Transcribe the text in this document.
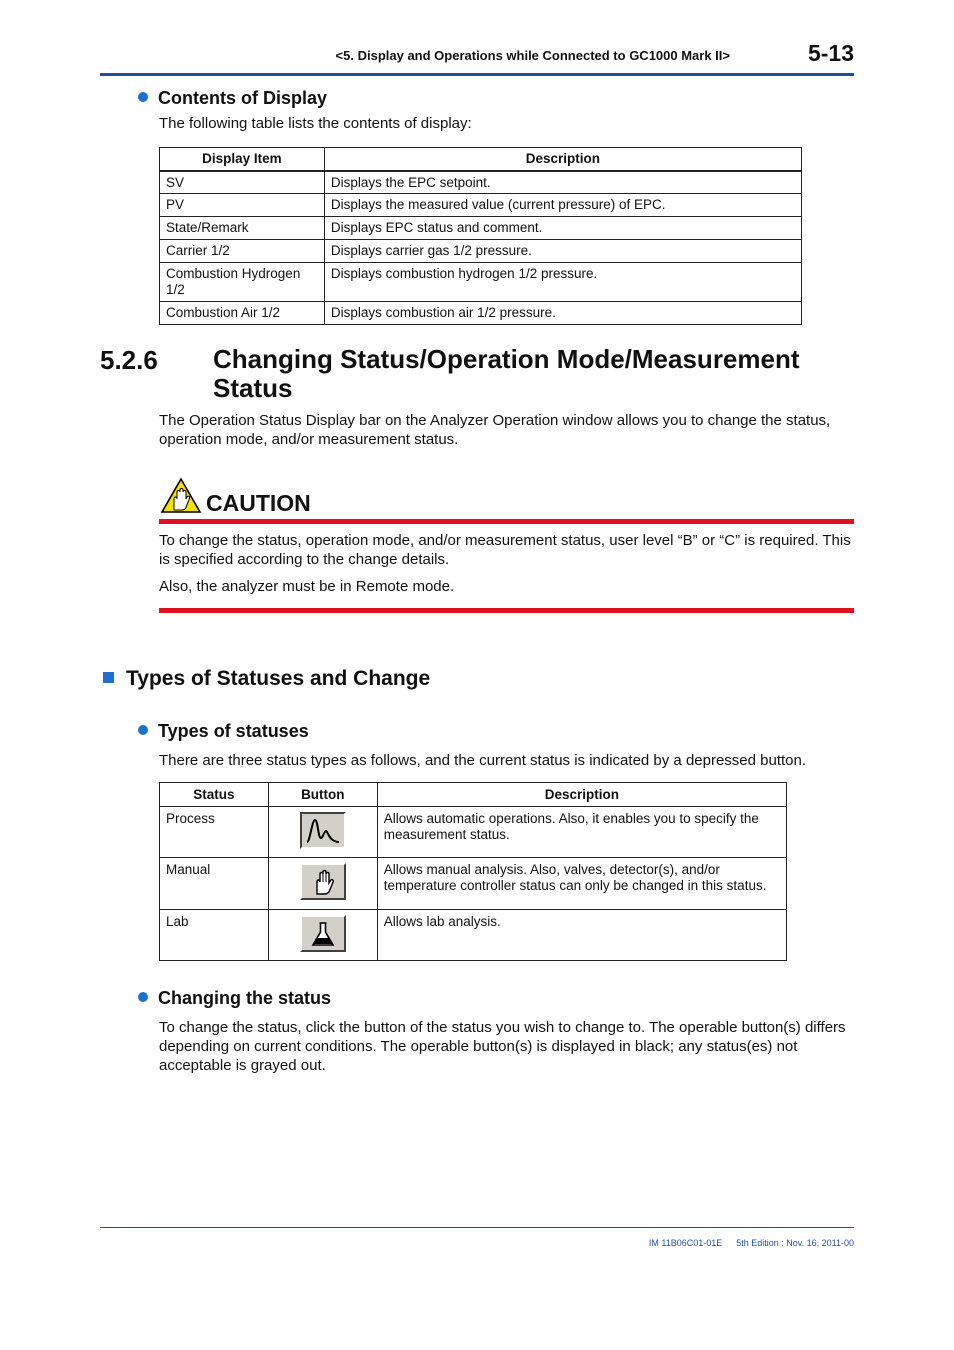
<5. Display and Operations while Connected to GC1000 Mark II>	5-13
Contents of Display
The following table lists the contents of display:
Display Item	Description
SV	Displays the EPC setpoint.
PV	Displays the measured value (current pressure) of EPC.
State/Remark	Displays EPC status and comment.
Carrier 1/2	Displays carrier gas 1/2 pressure.
Combustion Hydrogen 1/2	Displays combustion hydrogen 1/2 pressure.
Combustion Air 1/2	Displays combustion air 1/2 pressure.
5.2.6 Changing Status/Operation Mode/Measurement Status
The Operation Status Display bar on the Analyzer Operation window allows you to change the status, operation mode, and/or measurement status.
CAUTION
To change the status, operation mode, and/or measurement status, user level “B” or “C” is required. This is specified according to the change details.
Also, the analyzer must be in Remote mode.
Types of Statuses and Change
Types of statuses
There are three status types as follows, and the current status is indicated by a depressed button.
Status	Button	Description
Process		Allows automatic operations. Also, it enables you to specify the measurement status.
Manual		Allows manual analysis. Also, valves, detector(s), and/or temperature controller status can only be changed in this status.
Lab		Allows lab analysis.
Changing the status
To change the status, click the button of the status you wish to change to. The operable button(s) differs depending on current conditions. The operable button(s) is displayed in black; any status(es) not acceptable is grayed out.
IM 11B06C01-01E 5th Edition : Nov. 16, 2011-00
